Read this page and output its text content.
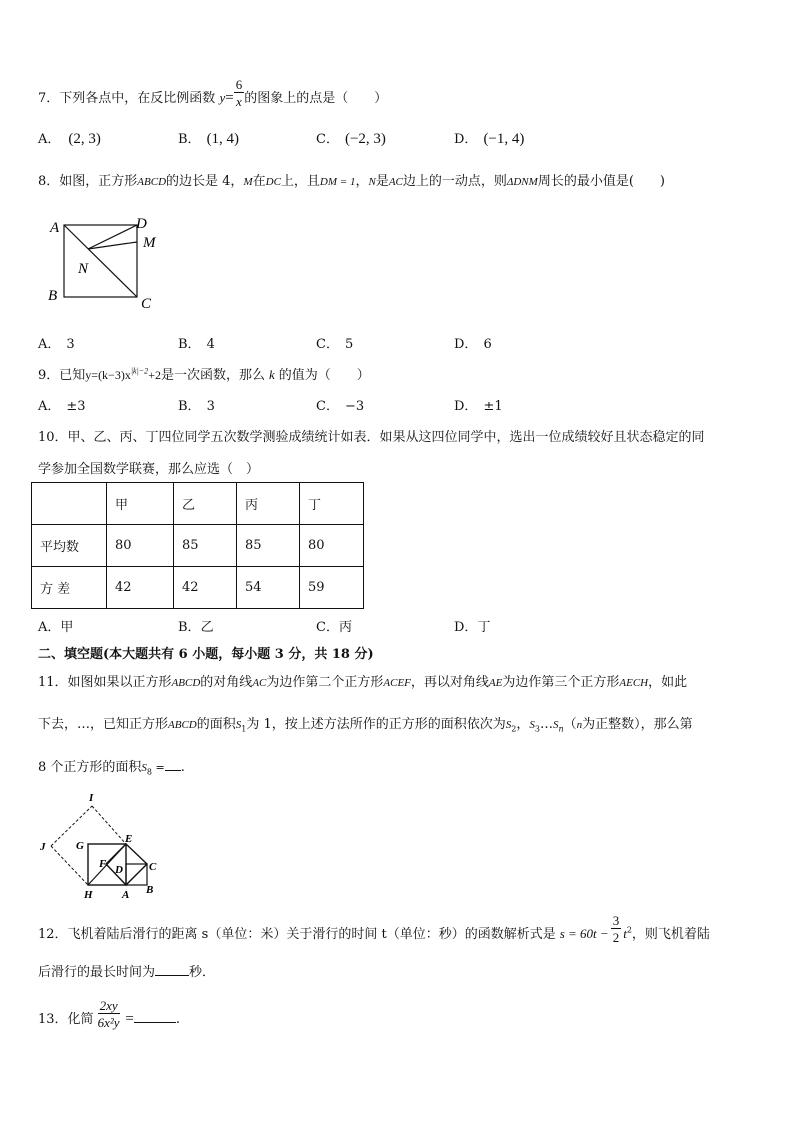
7．下列各点中，在反比例函数 $y= \frac{6}{x}$ 的图象上的点是（　　）
A． (2, 3)	B． (1, 4)	C． (−2, 3)	D． (−1, 4)
8．如图，正方形ABCD的边长是 4，M在DC上，且DM = 1，N是AC边上的一动点，则ΔDNM周长的最小值是(　　)
A	D
M
N
B	C
A． 3	B． 4	C． 5	D． 6
9．已知$y=(k-3)x^{|k|-2}+2$是一次函数，那么 k 的值为（　　）
A． ±3	B． 3	C． −3	D． ±1
10．甲、乙、丙、丁四位同学五次数学测验成绩统计如表．如果从这四位同学中，选出一位成绩较好且状态稳定的同
学参加全国数学联赛，那么应选（　）
	甲	乙	丙	丁
平均数	80	85	85	80
方 差	42	42	54	59
A．甲	B．乙	C．丙	D．丁
二、填空题(本大题共有 6 小题，每小题 3 分，共 18 分)
11．如图如果以正方形ABCD的对角线AC为边作第二个正方形ACEF，再以对角线AE为边作第三个正方形AECH，如此
下去，…，已知正方形ABCD的面积$S_1$为 1，按上述方法所作的正方形的面积依次为$S_2$，$S_3\dots S_n(n$为正整数），那么第
8 个正方形的面积$S_8$ = .
I
J	G
E
F D C
H	A B
12．飞机着陆后滑行的距离 s（单位：米）关于滑行的时间 t（单位：秒）的函数解析式是 $s = 60t - \frac{3}{2} t^2$，则飞机着陆
后滑行的最长时间为	秒．
13．化简 $\frac{2xy}{\text{6x²y}}$ =	.
